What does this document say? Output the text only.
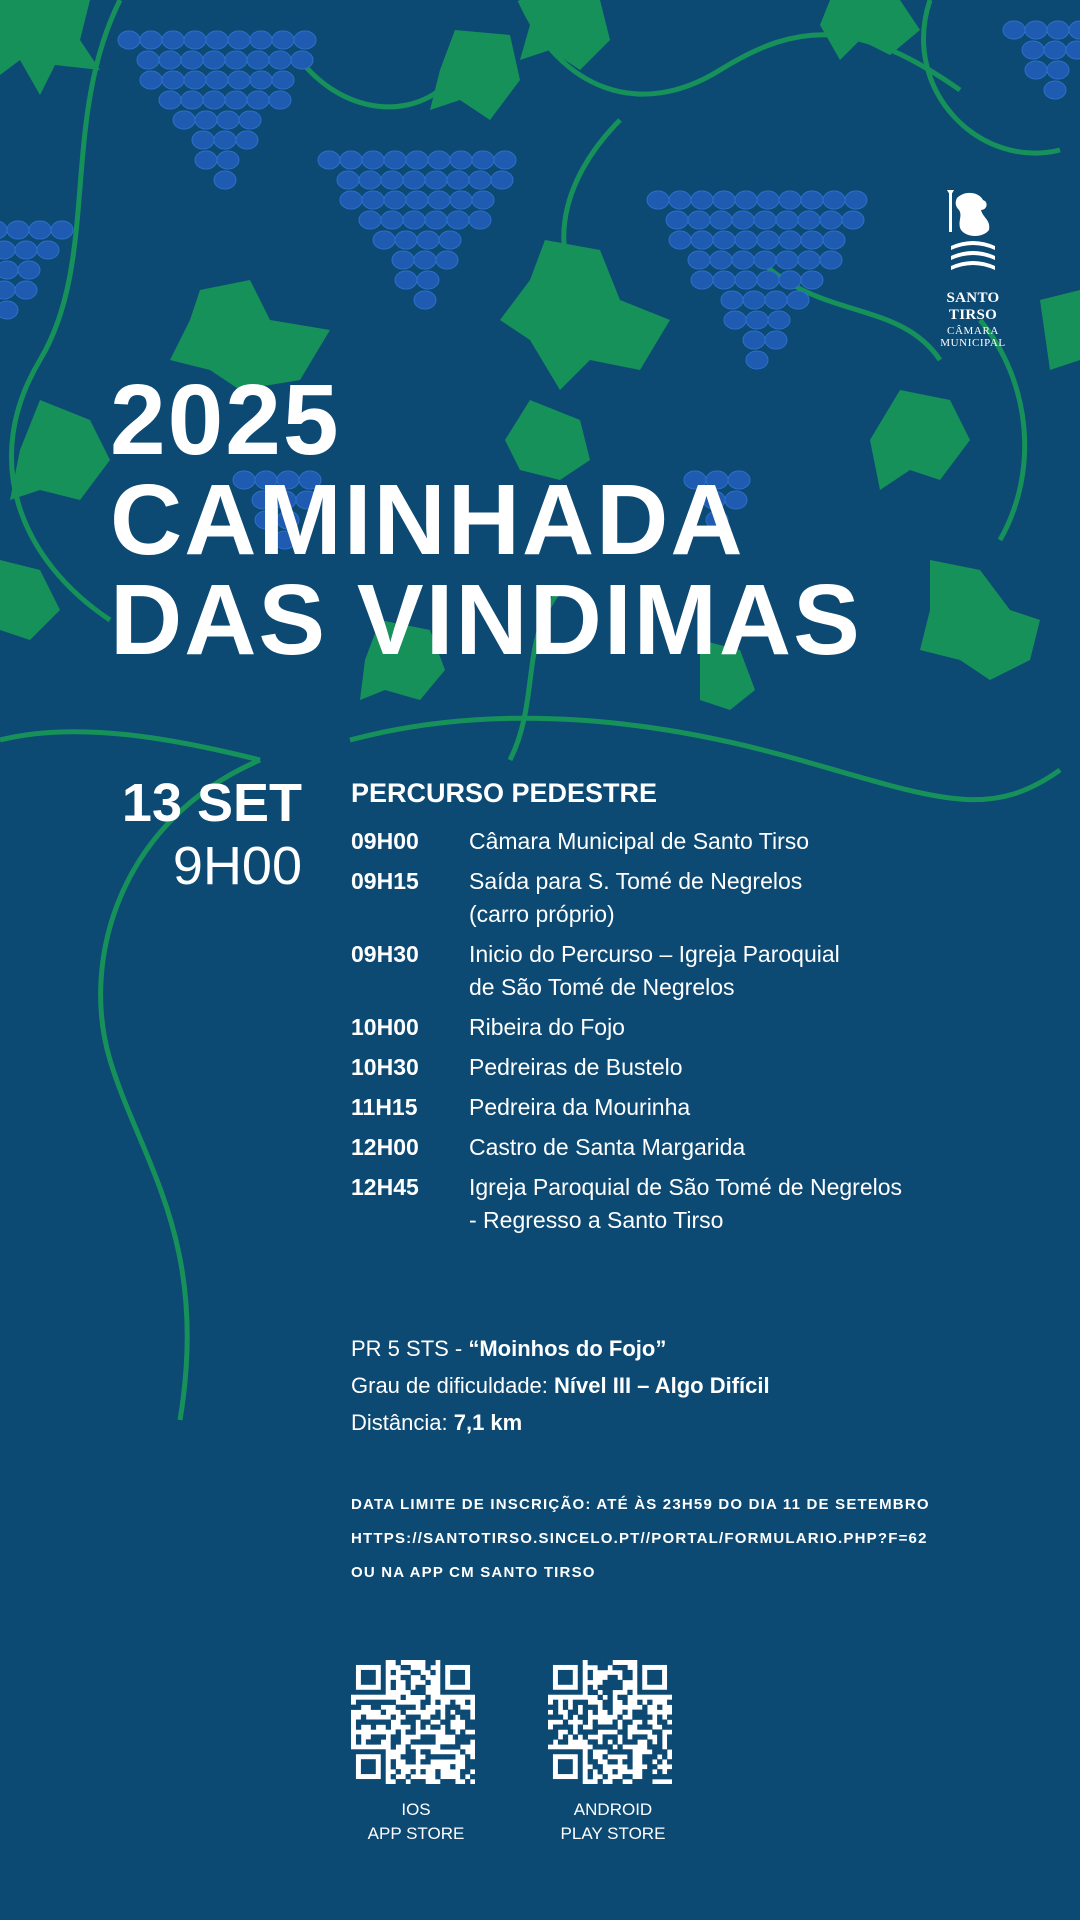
SANTO TIRSO
CÂMARA MUNICIPAL
2025
CAMINHADA
DAS VINDIMAS
13 SET
9H00
PERCURSO PEDESTRE
09H00	Câmara Municipal de Santo Tirso
09H15	Saída para S. Tomé de Negrelos
(carro próprio)
09H30	Inicio do Percurso – Igreja Paroquial
de São Tomé de Negrelos
10H00	Ribeira do Fojo
10H30	Pedreiras de Bustelo
11H15	Pedreira da Mourinha
12H00	Castro de Santa Margarida
12H45	Igreja Paroquial de São Tomé de Negrelos
- Regresso a Santo Tirso
PR 5 STS - “Moinhos do Fojo”
Grau de dificuldade: Nível III – Algo Difícil
Distância: 7,1 km
DATA LIMITE DE INSCRIÇÃO: ATÉ ÀS 23H59 DO DIA 11 DE SETEMBRO
HTTPS://SANTOTIRSO.SINCELO.PT//PORTAL/FORMULARIO.PHP?F=62
OU NA APP CM SANTO TIRSO
IOS
APP STORE
ANDROID
PLAY STORE
